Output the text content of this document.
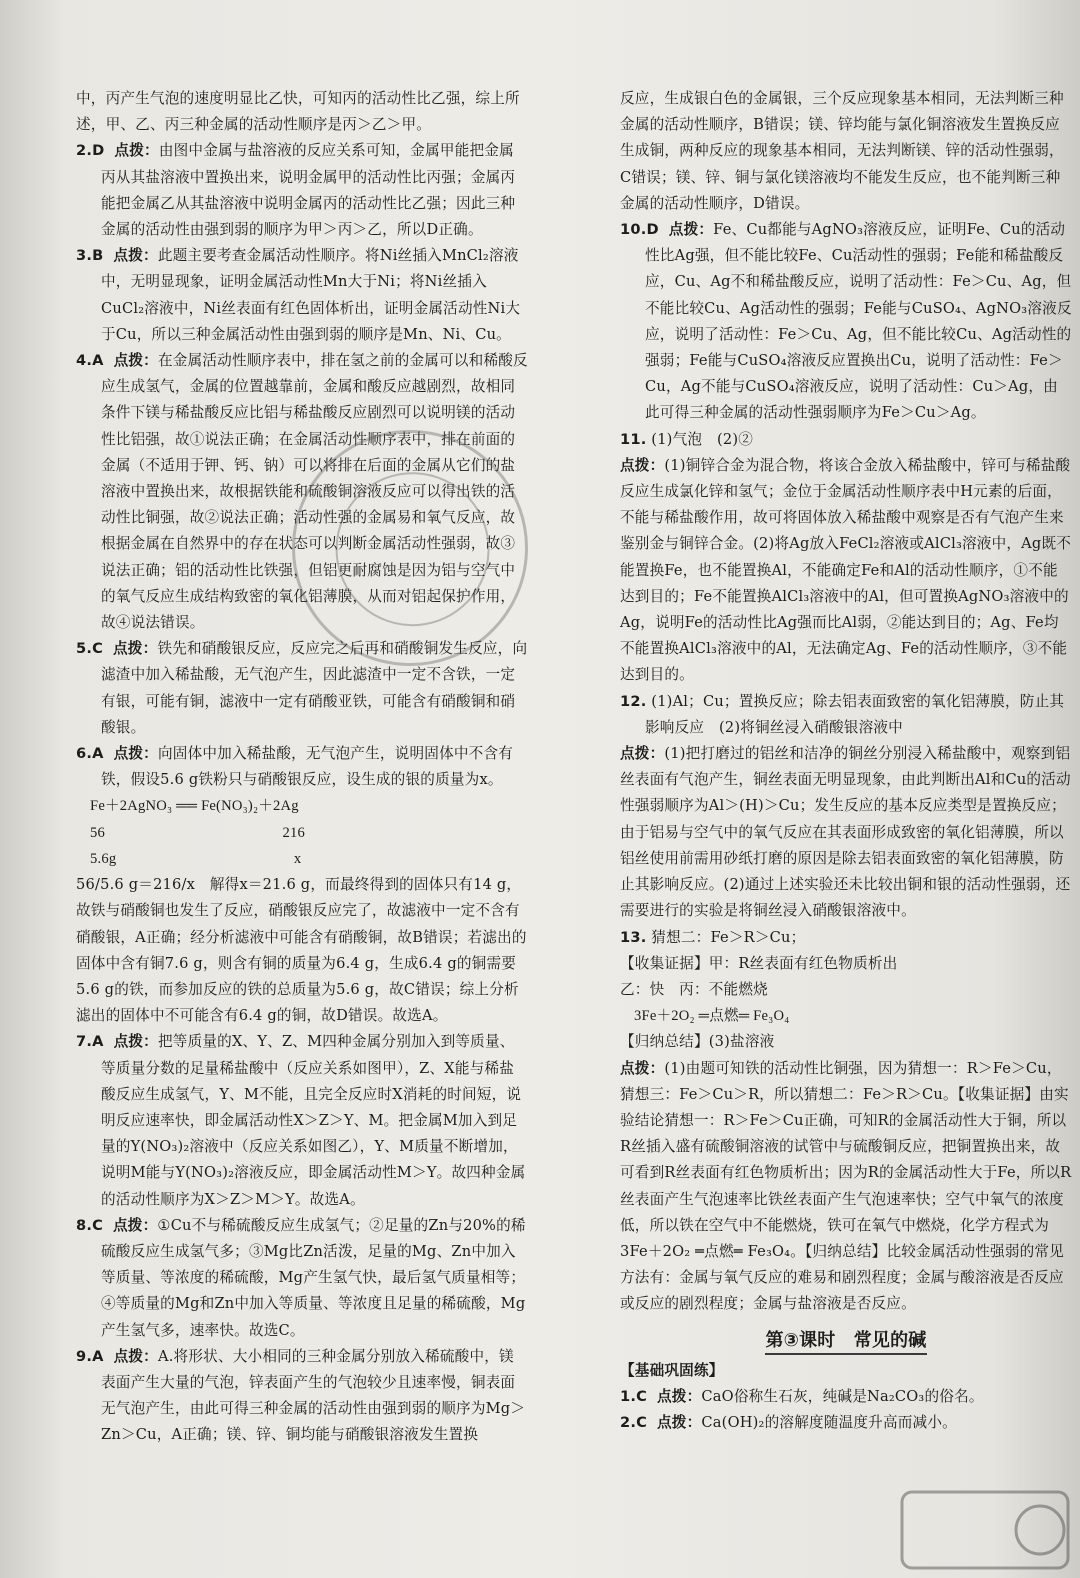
中，丙产生气泡的速度明显比乙快，可知丙的活动性比乙强，综上所述，甲、乙、丙三种金属的活动性顺序是丙＞乙＞甲。

2.D 点拨：由图中金属与盐溶液的反应关系可知，金属甲能把金属丙从其盐溶液中置换出来，说明金属甲的活动性比丙强；金属丙能把金属乙从其盐溶液中说明金属丙的活动性比乙强；因此三种金属的活动性由强到弱的顺序为甲＞丙＞乙，所以D正确。

3.B 点拨：此题主要考查金属活动性顺序。将Ni丝插入MnCl₂溶液中，无明显现象，证明金属活动性Mn大于Ni；将Ni丝插入CuCl₂溶液中，Ni丝表面有红色固体析出，证明金属活动性Ni大于Cu，所以三种金属活动性由强到弱的顺序是Mn、Ni、Cu。

4.A 点拨：在金属活动性顺序表中，排在氢之前的金属可以和稀酸反应生成氢气，金属的位置越靠前，金属和酸反应越剧烈，故相同条件下镁与稀盐酸反应比铝与稀盐酸反应剧烈可以说明镁的活动性比铝强，故①说法正确；在金属活动性顺序表中，排在前面的金属（不适用于钾、钙、钠）可以将排在后面的金属从它们的盐溶液中置换出来，故根据铁能和硫酸铜溶液反应可以得出铁的活动性比铜强，故②说法正确；活动性强的金属易和氧气反应，故根据金属在自然界中的存在状态可以判断金属活动性强弱，故③说法正确；铝的活动性比铁强，但铝更耐腐蚀是因为铝与空气中的氧气反应生成结构致密的氧化铝薄膜，从而对铝起保护作用，故④说法错误。

5.C 点拨：铁先和硝酸银反应，反应完之后再和硝酸铜发生反应，向滤渣中加入稀盐酸，无气泡产生，因此滤渣中一定不含铁，一定有银，可能有铜，滤液中一定有硝酸亚铁，可能含有硝酸铜和硝酸银。

6.A 点拨：向固体中加入稀盐酸，无气泡产生，说明固体中不含有铁，假设5.6 g铁粉只与硝酸银反应，设生成的银的质量为x。

Fe＋2AgNO₃ ══ Fe(NO₃)₂＋2Ag

56　　　　　　　　　　　　216

5.6g　　　　　　　　　　　　x

56/5.6 g＝216/x　解得x＝21.6 g，而最终得到的固体只有14 g，故铁与硝酸铜也发生了反应，硝酸银反应完了，故滤液中一定不含有硝酸银，A正确；经分析滤液中可能含有硝酸铜，故B错误；若滤出的固体中含有铜7.6 g，则含有铜的质量为6.4 g，生成6.4 g的铜需要5.6 g的铁，而参加反应的铁的总质量为5.6 g，故C错误；综上分析滤出的固体中不可能含有6.4 g的铜，故D错误。故选A。

7.A 点拨：把等质量的X、Y、Z、M四种金属分别加入到等质量、等质量分数的足量稀盐酸中（反应关系如图甲），Z、X能与稀盐酸反应生成氢气，Y、M不能，且完全反应时X消耗的时间短，说明反应速率快，即金属活动性X＞Z＞Y、M。把金属M加入到足量的Y(NO₃)₂溶液中（反应关系如图乙），Y、M质量不断增加，说明M能与Y(NO₃)₂溶液反应，即金属活动性M＞Y。故四种金属的活动性顺序为X＞Z＞M＞Y。故选A。

8.C 点拨：①Cu不与稀硫酸反应生成氢气；②足量的Zn与20%的稀硫酸反应生成氢气多；③Mg比Zn活泼，足量的Mg、Zn中加入等质量、等浓度的稀硫酸，Mg产生氢气快，最后氢气质量相等；④等质量的Mg和Zn中加入等质量、等浓度且足量的稀硫酸，Mg产生氢气多，速率快。故选C。

9.A 点拨：A.将形状、大小相同的三种金属分别放入稀硫酸中，镁表面产生大量的气泡，锌表面产生的气泡较少且速率慢，铜表面无气泡产生，由此可得三种金属的活动性由强到弱的顺序为Mg＞Zn＞Cu，A正确；镁、锌、铜均能与硝酸银溶液发生置换

反应，生成银白色的金属银，三个反应现象基本相同，无法判断三种金属的活动性顺序，B错误；镁、锌均能与氯化铜溶液发生置换反应生成铜，两种反应的现象基本相同，无法判断镁、锌的活动性强弱，C错误；镁、锌、铜与氯化镁溶液均不能发生反应，也不能判断三种金属的活动性顺序，D错误。

10.D 点拨：Fe、Cu都能与AgNO₃溶液反应，证明Fe、Cu的活动性比Ag强，但不能比较Fe、Cu活动性的强弱；Fe能和稀盐酸反应，Cu、Ag不和稀盐酸反应，说明了活动性：Fe＞Cu、Ag，但不能比较Cu、Ag活动性的强弱；Fe能与CuSO₄、AgNO₃溶液反应，说明了活动性：Fe＞Cu、Ag，但不能比较Cu、Ag活动性的强弱；Fe能与CuSO₄溶液反应置换出Cu，说明了活动性：Fe＞Cu，Ag不能与CuSO₄溶液反应，说明了活动性：Cu＞Ag，由此可得三种金属的活动性强弱顺序为Fe＞Cu＞Ag。

11. (1)气泡　(2)②

点拨：(1)铜锌合金为混合物，将该合金放入稀盐酸中，锌可与稀盐酸反应生成氯化锌和氢气；金位于金属活动性顺序表中H元素的后面，不能与稀盐酸作用，故可将固体放入稀盐酸中观察是否有气泡产生来鉴别金与铜锌合金。(2)将Ag放入FeCl₂溶液或AlCl₃溶液中，Ag既不能置换Fe，也不能置换Al，不能确定Fe和Al的活动性顺序，①不能达到目的；Fe不能置换AlCl₃溶液中的Al，但可置换AgNO₃溶液中的Ag，说明Fe的活动性比Ag强而比Al弱，②能达到目的；Ag、Fe均不能置换AlCl₃溶液中的Al，无法确定Ag、Fe的活动性顺序，③不能达到目的。

12. (1)Al；Cu；置换反应；除去铝表面致密的氧化铝薄膜，防止其影响反应　(2)将铜丝浸入硝酸银溶液中

点拨：(1)把打磨过的铝丝和洁净的铜丝分别浸入稀盐酸中，观察到铝丝表面有气泡产生，铜丝表面无明显现象，由此判断出Al和Cu的活动性强弱顺序为Al＞(H)＞Cu；发生反应的基本反应类型是置换反应；由于铝易与空气中的氧气反应在其表面形成致密的氧化铝薄膜，所以铝丝使用前需用砂纸打磨的原因是除去铝表面致密的氧化铝薄膜，防止其影响反应。(2)通过上述实验还未比较出铜和银的活动性强弱，还需要进行的实验是将铜丝浸入硝酸银溶液中。

13. 猜想二：Fe＞R＞Cu；

【收集证据】甲：R丝表面有红色物质析出

乙：快　丙：不能燃烧

3Fe＋2O₂ ═点燃═ Fe₃O₄

【归纳总结】(3)盐溶液

点拨：(1)由题可知铁的活动性比铜强，因为猜想一：R＞Fe＞Cu，猜想三：Fe＞Cu＞R，所以猜想二：Fe＞R＞Cu。【收集证据】由实验结论猜想一：R＞Fe＞Cu正确，可知R的金属活动性大于铜，所以R丝插入盛有硫酸铜溶液的试管中与硫酸铜反应，把铜置换出来，故可看到R丝表面有红色物质析出；因为R的金属活动性大于Fe，所以R丝表面产生气泡速率比铁丝表面产生气泡速率快；空气中氧气的浓度低，所以铁在空气中不能燃烧，铁可在氧气中燃烧，化学方程式为3Fe＋2O₂ ═点燃═ Fe₃O₄。【归纳总结】比较金属活动性强弱的常见方法有：金属与氧气反应的难易和剧烈程度；金属与酸溶液是否反应或反应的剧烈程度；金属与盐溶液是否反应。

第③课时　常见的碱

【基础巩固练】

1.C 点拨：CaO俗称生石灰，纯碱是Na₂CO₃的俗名。

2.C 点拨：Ca(OH)₂的溶解度随温度升高而减小。
